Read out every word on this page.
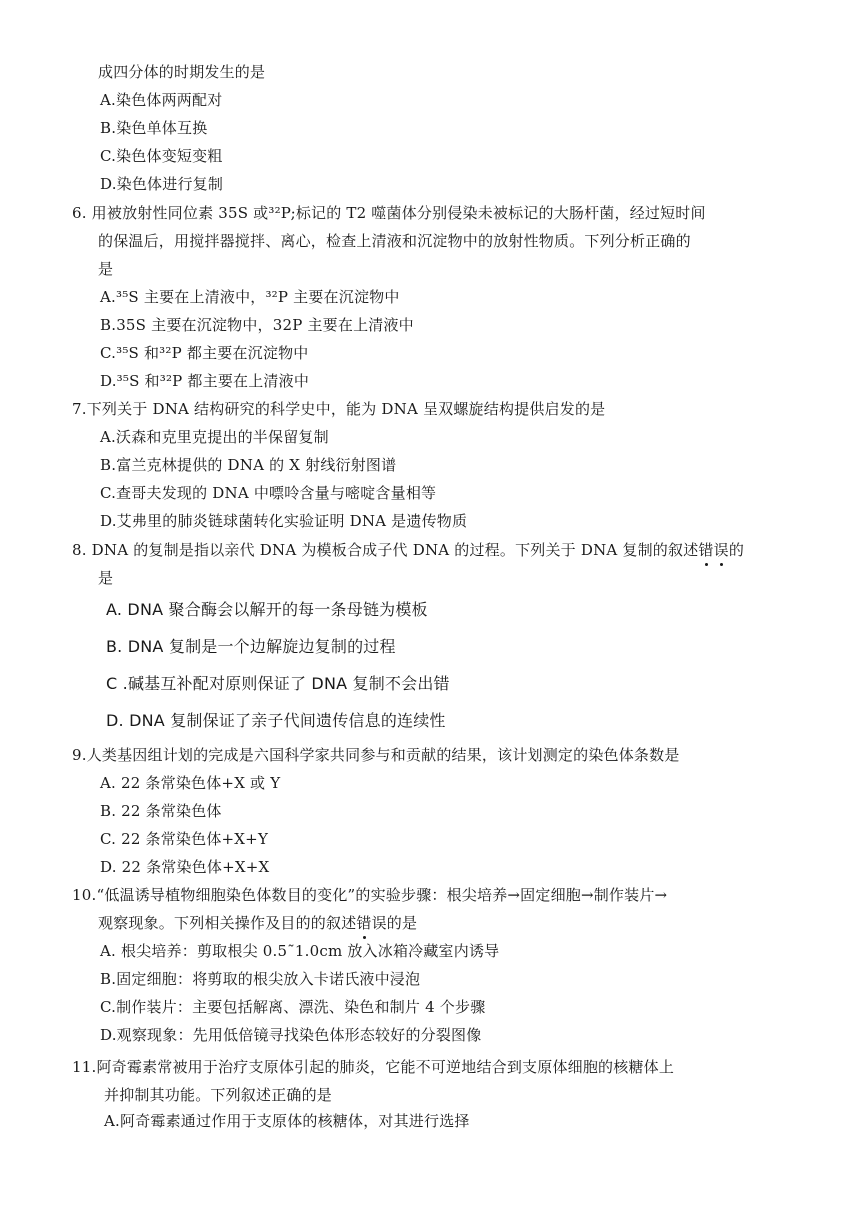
成四分体的时期发生的是
A.染色体两两配对
B.染色单体互换
C.染色体变短变粗
D.染色体进行复制
6. 用被放射性同位素 35S 或³²P;标记的 T2 噬菌体分别侵染未被标记的大肠杆菌，经过短时间
的保温后，用搅拌器搅拌、离心，检查上清液和沉淀物中的放射性物质。下列分析正确的
是
A.³⁵S 主要在上清液中，³²P 主要在沉淀物中
B.35S 主要在沉淀物中，32P 主要在上清液中
C.³⁵S 和³²P 都主要在沉淀物中
D.³⁵S 和³²P 都主要在上清液中
7.下列关于 DNA 结构研究的科学史中，能为 DNA 呈双螺旋结构提供启发的是
A.沃森和克里克提出的半保留复制
B.富兰克林提供的 DNA 的 X 射线衍射图谱
C.查哥夫发现的 DNA 中嘌呤含量与嘧啶含量相等
D.艾弗里的肺炎链球菌转化实验证明 DNA 是遗传物质
8. DNA 的复制是指以亲代 DNA 为模板合成子代 DNA 的过程。下列关于 DNA 复制的叙述错误的
是
A. DNA 聚合酶会以解开的每一条母链为模板
B. DNA 复制是一个边解旋边复制的过程
C .碱基互补配对原则保证了 DNA 复制不会出错
D. DNA 复制保证了亲子代间遗传信息的连续性
9.人类基因组计划的完成是六国科学家共同参与和贡献的结果，该计划测定的染色体条数是
A. 22 条常染色体+X 或 Y
B. 22 条常染色体
C. 22 条常染色体+X+Y
D. 22 条常染色体+X+X
10.“低温诱导植物细胞染色体数目的变化”的实验步骤：根尖培养→固定细胞→制作装片→
观察现象。下列相关操作及目的的叙述错误的是
A. 根尖培养：剪取根尖 0.5˜1.0cm 放入冰箱冷藏室内诱导
B.固定细胞：将剪取的根尖放入卡诺氏液中浸泡
C.制作装片：主要包括解离、漂洗、染色和制片 4 个步骤
D.观察现象：先用低倍镜寻找染色体形态较好的分裂图像
11.阿奇霉素常被用于治疗支原体引起的肺炎，它能不可逆地结合到支原体细胞的核糖体上
并抑制其功能。下列叙述正确的是
A.阿奇霉素通过作用于支原体的核糖体，对其进行选择
